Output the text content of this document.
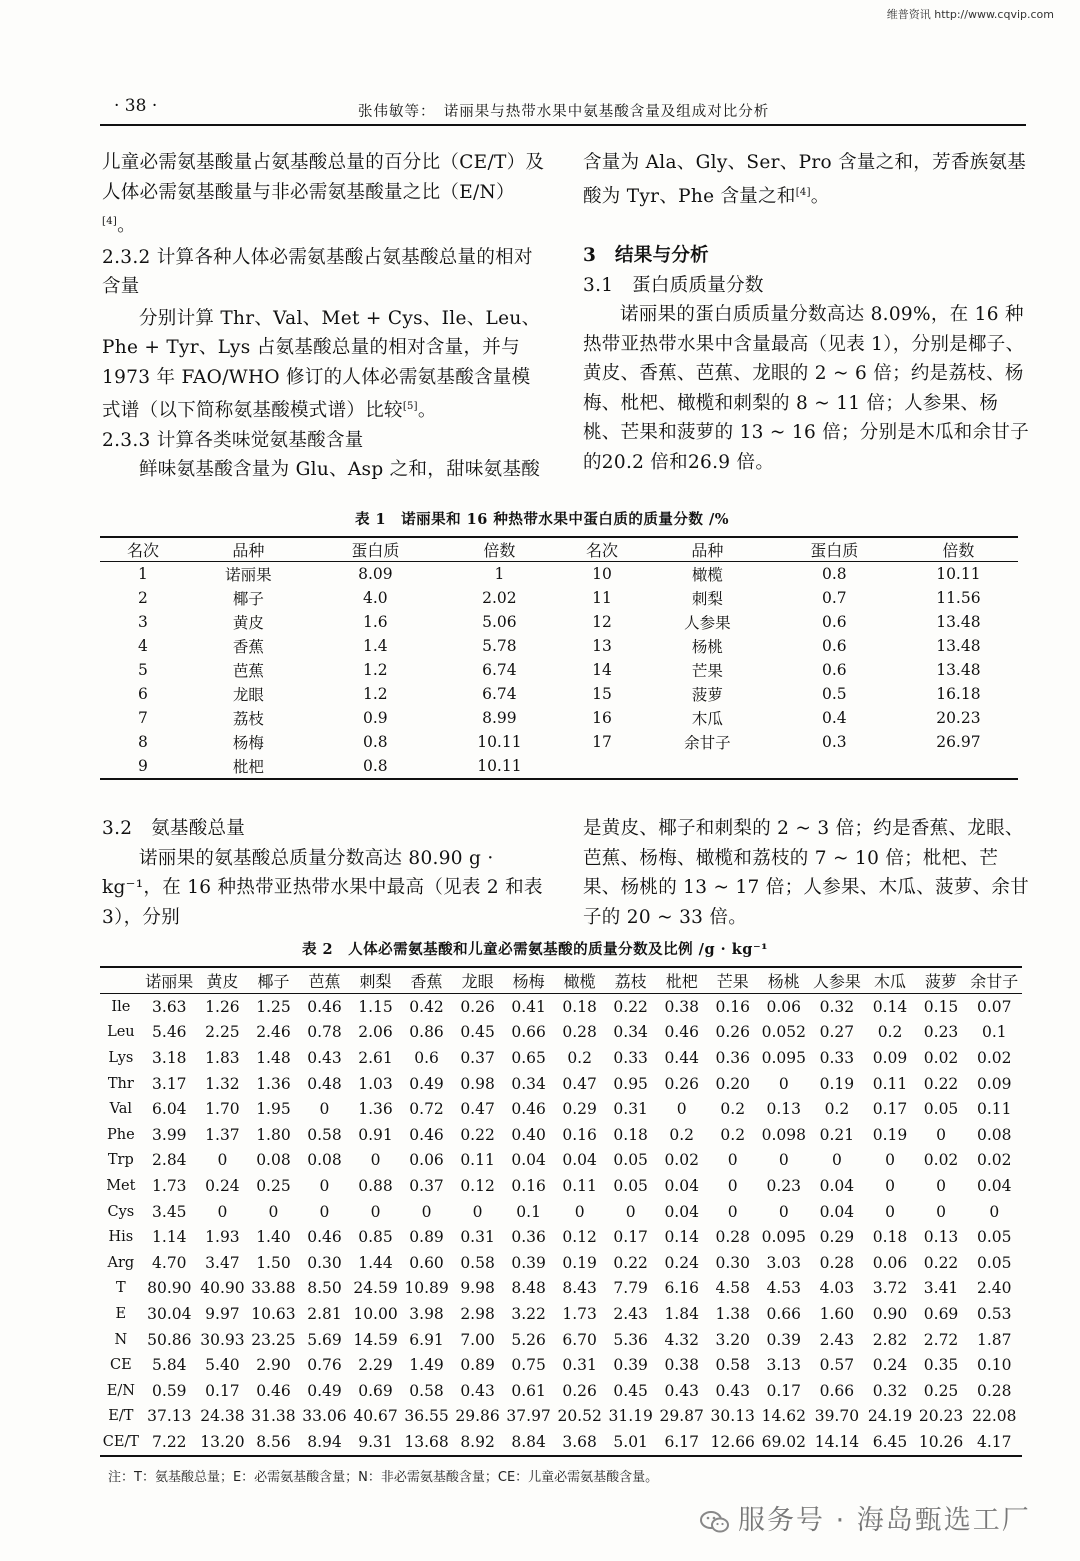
维普资讯 http://www.cqvip.com
· 38 ·	张伟敏等：　诺丽果与热带水果中氨基酸含量及组成对比分析

儿童必需氨基酸量占氨基酸总量的百分比（CE/T）及人体必需氨基酸量与非必需氨基酸量之比（E/N）[4]。

2.3.2 计算各种人体必需氨基酸占氨基酸总量的相对含量

分别计算 Thr、Val、Met + Cys、Ile、Leu、Phe + Tyr、Lys 占氨基酸总量的相对含量，并与 1973 年 FAO/WHO 修订的人体必需氨基酸含量模式谱（以下简称氨基酸模式谱）比较[5]。

2.3.3 计算各类味觉氨基酸含量

鲜味氨基酸含量为 Glu、Asp 之和，甜味氨基酸

含量为 Ala、Gly、Ser、Pro 含量之和，芳香族氨基酸为 Tyr、Phe 含量之和[4]。

3　结果与分析

3.1　蛋白质质量分数

诺丽果的蛋白质质量分数高达 8.09%，在 16 种热带亚热带水果中含量最高（见表 1），分别是椰子、黄皮、香蕉、芭蕉、龙眼的 2 ~ 6 倍；约是荔枝、杨梅、枇杷、橄榄和刺梨的 8 ~ 11 倍；人参果、杨桃、芒果和菠萝的 13 ~ 16 倍；分别是木瓜和余甘子的20.2 倍和26.9 倍。

表 1　诺丽果和 16 种热带水果中蛋白质的质量分数 /%
名次	品种	蛋白质	倍数	名次	品种	蛋白质	倍数
1	诺丽果	8.09	1	10	橄榄	0.8	10.11
2	椰子	4.0	2.02	11	刺梨	0.7	11.56
3	黄皮	1.6	5.06	12	人参果	0.6	13.48
4	香蕉	1.4	5.78	13	杨桃	0.6	13.48
5	芭蕉	1.2	6.74	14	芒果	0.6	13.48
6	龙眼	1.2	6.74	15	菠萝	0.5	16.18
7	荔枝	0.9	8.99	16	木瓜	0.4	20.23
8	杨梅	0.8	10.11	17	余甘子	0.3	26.97
9	枇杷	0.8	10.11				

3.2　氨基酸总量

诺丽果的氨基酸总质量分数高达 80.90 g · kg⁻¹，在 16 种热带亚热带水果中最高（见表 2 和表 3），分别

是黄皮、椰子和刺梨的 2 ~ 3 倍；约是香蕉、龙眼、芭蕉、杨梅、橄榄和荔枝的 7 ~ 10 倍；枇杷、芒果、杨桃的 13 ~ 17 倍；人参果、木瓜、菠萝、余甘子的 20 ~ 33 倍。

表 2　人体必需氨基酸和儿童必需氨基酸的质量分数及比例 /g · kg⁻¹
	诺丽果	黄皮	椰子	芭蕉	刺梨	香蕉	龙眼	杨梅	橄榄	荔枝	枇杷	芒果	杨桃	人参果	木瓜	菠萝	余甘子
Ile	3.63	1.26	1.25	0.46	1.15	0.42	0.26	0.41	0.18	0.22	0.38	0.16	0.06	0.32	0.14	0.15	0.07
Leu	5.46	2.25	2.46	0.78	2.06	0.86	0.45	0.66	0.28	0.34	0.46	0.26	0.052	0.27	0.2	0.23	0.1
Lys	3.18	1.83	1.48	0.43	2.61	0.6	0.37	0.65	0.2	0.33	0.44	0.36	0.095	0.33	0.09	0.02	0.02
Thr	3.17	1.32	1.36	0.48	1.03	0.49	0.98	0.34	0.47	0.95	0.26	0.20	0	0.19	0.11	0.22	0.09
Val	6.04	1.70	1.95	0	1.36	0.72	0.47	0.46	0.29	0.31	0	0.2	0.13	0.2	0.17	0.05	0.11
Phe	3.99	1.37	1.80	0.58	0.91	0.46	0.22	0.40	0.16	0.18	0.2	0.2	0.098	0.21	0.19	0	0.08
Trp	2.84	0	0.08	0.08	0	0.06	0.11	0.04	0.04	0.05	0.02	0	0	0	0	0.02	0.02
Met	1.73	0.24	0.25	0	0.88	0.37	0.12	0.16	0.11	0.05	0.04	0	0.23	0.04	0	0	0.04
Cys	3.45	0	0	0	0	0	0	0.1	0	0	0.04	0	0	0.04	0	0	0
His	1.14	1.93	1.40	0.46	0.85	0.89	0.31	0.36	0.12	0.17	0.14	0.28	0.095	0.29	0.18	0.13	0.05
Arg	4.70	3.47	1.50	0.30	1.44	0.60	0.58	0.39	0.19	0.22	0.24	0.30	3.03	0.28	0.06	0.22	0.05
T	80.90	40.90	33.88	8.50	24.59	10.89	9.98	8.48	8.43	7.79	6.16	4.58	4.53	4.03	3.72	3.41	2.40
E	30.04	9.97	10.63	2.81	10.00	3.98	2.98	3.22	1.73	2.43	1.84	1.38	0.66	1.60	0.90	0.69	0.53
N	50.86	30.93	23.25	5.69	14.59	6.91	7.00	5.26	6.70	5.36	4.32	3.20	0.39	2.43	2.82	2.72	1.87
CE	5.84	5.40	2.90	0.76	2.29	1.49	0.89	0.75	0.31	0.39	0.38	0.58	3.13	0.57	0.24	0.35	0.10
E/N	0.59	0.17	0.46	0.49	0.69	0.58	0.43	0.61	0.26	0.45	0.43	0.43	0.17	0.66	0.32	0.25	0.28
E/T	37.13	24.38	31.38	33.06	40.67	36.55	29.86	37.97	20.52	31.19	29.87	30.13	14.62	39.70	24.19	20.23	22.08
CE/T	7.22	13.20	8.56	8.94	9.31	13.68	8.92	8.84	3.68	5.01	6.17	12.66	69.02	14.14	6.45	10.26	4.17
注：T：氨基酸总量；E：必需氨基酸含量；N：非必需氨基酸含量；CE：儿童必需氨基酸含量。
服务号 · 海岛甄选工厂
